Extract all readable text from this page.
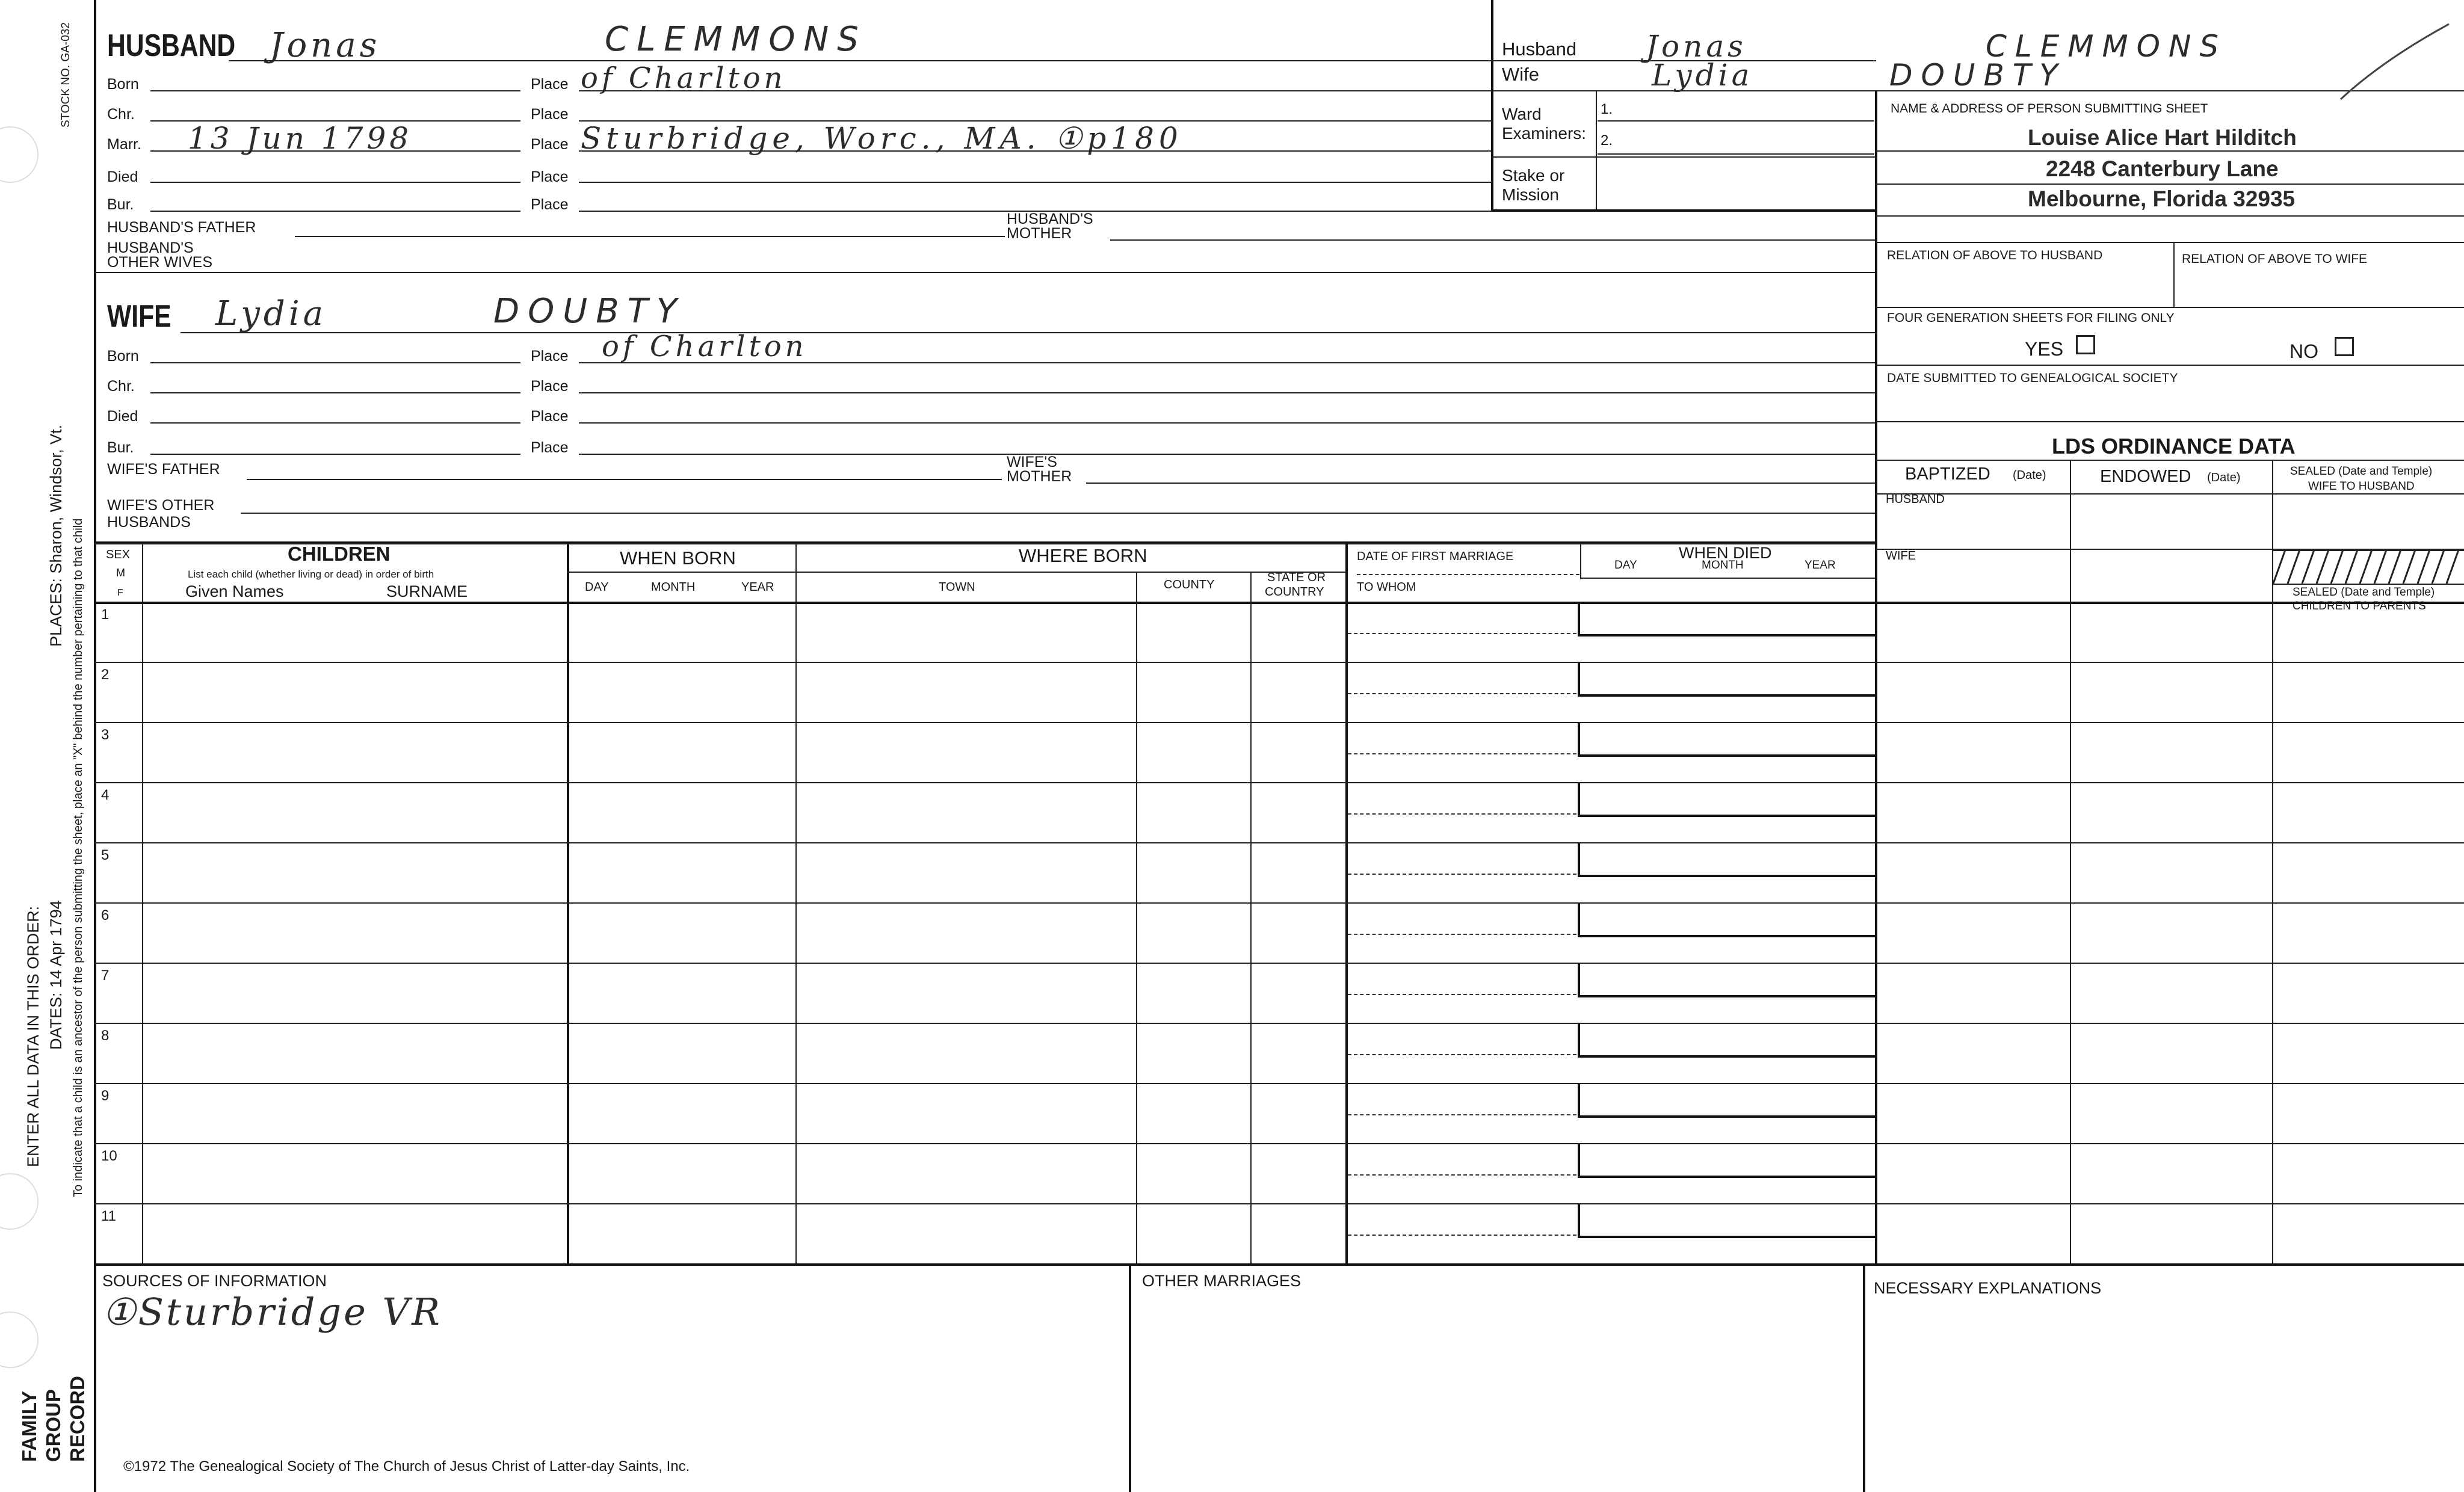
STOCK NO. GA-032
ENTER ALL DATA IN THIS ORDER:
PLACES: Sharon, Windsor, Vt.
DATES: 14 Apr 1794 To indicate that a child is an ancestor of the person submitting the sheet, place an "X" behind the number pertaining to that child
FAMILY GROUP RECORD
HUSBAND Jonas	CLEMMONS
Born	Place of Charlton
Chr.	Place
Marr. 13 Jun 1798	Place Sturbridge, Worc., MA. ①p180
Died	Place
Bur.	Place
HUSBAND'S FATHER	HUSBAND'S
MOTHER
HUSBAND'S
OTHER WIVES
WIFE Lydia	DOUBTY
Born	Place of Charlton
Chr.	Place
Died	Place
Bur.	Place
WIFE'S FATHER	WIFE'S
MOTHER
WIFE'S OTHER
HUSBANDS
Husband Jonas	CLEMMONS
Wife	Lydia	DOUBTY
Ward
Examiners:
1.
2.
Stake or
Mission
NAME & ADDRESS OF PERSON SUBMITTING SHEET
Louise Alice Hart Hilditch
2248 Canterbury Lane
Melbourne, Florida 32935
RELATION OF ABOVE TO HUSBAND	RELATION OF ABOVE TO WIFE
FOUR GENERATION SHEETS FOR FILING ONLY
YES	NO
DATE SUBMITTED TO GENEALOGICAL SOCIETY
LDS ORDINANCE DATA
BAPTIZED (Date)	ENDOWED (Date)	SEALED (Date and Temple)
WIFE TO HUSBAND
HUSBAND
WIFE
SEALED (Date and Temple)
CHILDREN TO PARENTS
SEX
M
F
CHILDREN
List each child (whether living or dead) in order of birth
Given Names	SURNAME
WHEN BORN
DAY	MONTH	YEAR
WHERE BORN
TOWN	COUNTY
STATE OR
COUNTRY
DATE OF FIRST MARRIAGE
TO WHOM
WHEN DIED
DAY	MONTH	YEAR
1
2
3
4
5
6
7
8
9
10
11
SOURCES OF INFORMATION
①Sturbridge VR
OTHER MARRIAGES	NECESSARY EXPLANATIONS
©1972 The Genealogical Society of The Church of Jesus Christ of Latter-day Saints, Inc.
